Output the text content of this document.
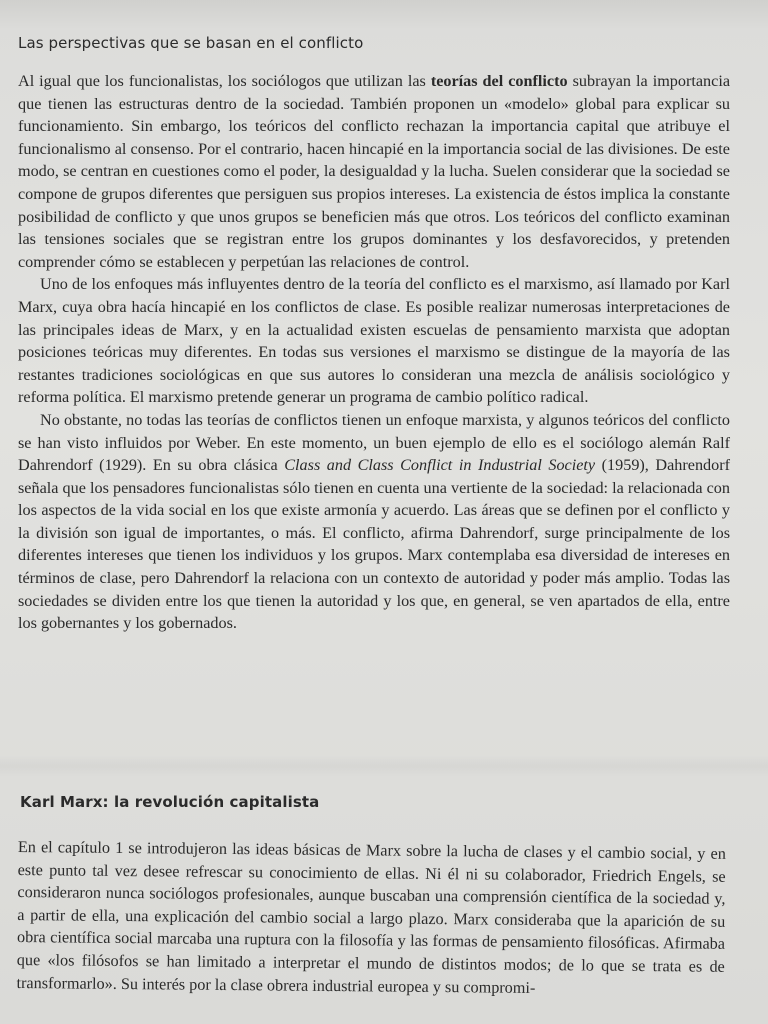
Las perspectivas que se basan en el conflicto

Al igual que los funcionalistas, los sociólogos que utilizan las teorías del conflicto subrayan la importancia que tienen las estructuras dentro de la sociedad. También proponen un «modelo» global para explicar su funcionamiento. Sin embargo, los teóricos del conflicto rechazan la importancia capital que atribuye el funcionalismo al consenso. Por el contrario, hacen hincapié en la importancia social de las divisiones. De este modo, se centran en cuestiones como el poder, la desigualdad y la lucha. Suelen considerar que la sociedad se compone de grupos diferentes que persiguen sus propios intereses. La existencia de éstos implica la constante posibilidad de conflicto y que unos grupos se beneficien más que otros. Los teóricos del conflicto examinan las tensiones sociales que se registran entre los grupos dominantes y los desfavorecidos, y pretenden comprender cómo se establecen y perpetúan las relaciones de control.

Uno de los enfoques más influyentes dentro de la teoría del conflicto es el marxismo, así llamado por Karl Marx, cuya obra hacía hincapié en los conflictos de clase. Es posible realizar numerosas interpretaciones de las principales ideas de Marx, y en la actualidad existen escuelas de pensamiento marxista que adoptan posiciones teóricas muy diferentes. En todas sus versiones el marxismo se distingue de la mayoría de las restantes tradiciones sociológicas en que sus autores lo consideran una mezcla de análisis sociológico y reforma política. El marxismo pretende generar un programa de cambio político radical.

No obstante, no todas las teorías de conflictos tienen un enfoque marxista, y algunos teóricos del conflicto se han visto influidos por Weber. En este momento, un buen ejemplo de ello es el sociólogo alemán Ralf Dahrendorf (1929). En su obra clásica Class and Class Conflict in Industrial Society (1959), Dahrendorf señala que los pensadores funcionalistas sólo tienen en cuenta una vertiente de la sociedad: la relacionada con los aspectos de la vida social en los que existe armonía y acuerdo. Las áreas que se definen por el conflicto y la división son igual de importantes, o más. El conflicto, afirma Dahrendorf, surge principalmente de los diferentes intereses que tienen los individuos y los grupos. Marx contemplaba esa diversidad de intereses en términos de clase, pero Dahrendorf la relaciona con un contexto de autoridad y poder más amplio. Todas las sociedades se dividen entre los que tienen la autoridad y los que, en general, se ven apartados de ella, entre los gobernantes y los gobernados.

Karl Marx: la revolución capitalista

En el capítulo 1 se introdujeron las ideas básicas de Marx sobre la lucha de clases y el cambio social, y en este punto tal vez desee refrescar su conocimiento de ellas. Ni él ni su colaborador, Friedrich Engels, se consideraron nunca sociólogos profesionales, aunque buscaban una comprensión científica de la sociedad y, a partir de ella, una explicación del cambio social a largo plazo. Marx consideraba que la aparición de su obra científica social marcaba una ruptura con la filosofía y las formas de pensamiento filosóficas. Afirmaba que «los filósofos se han limitado a interpretar el mundo de distintos modos; de lo que se trata es de transformarlo». Su interés por la clase obrera industrial europea y su compromi-
